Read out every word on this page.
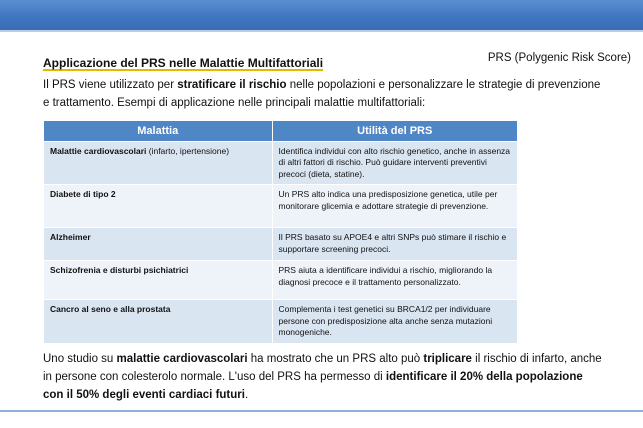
PRS (Polygenic Risk Score)
Applicazione del PRS nelle Malattie Multifattoriali

Il PRS viene utilizzato per stratificare il rischio nelle popolazioni e personalizzare le strategie di prevenzione e trattamento. Esempi di applicazione nelle principali malattie multifattoriali:

Malattia	Utilità del PRS
Malattie cardiovascolari (infarto, ipertensione)	Identifica individui con alto rischio genetico, anche in assenza di altri fattori di rischio. Può guidare interventi preventivi precoci (dieta, statine).
Diabete di tipo 2	Un PRS alto indica una predisposizione genetica, utile per monitorare glicemia e adottare strategie di prevenzione.
Alzheimer	Il PRS basato su APOE4 e altri SNPs può stimare il rischio e supportare screening precoci.
Schizofrenia e disturbi psichiatrici	PRS aiuta a identificare individui a rischio, migliorando la diagnosi precoce e il trattamento personalizzato.
Cancro al seno e alla prostata	Complementa i test genetici su BRCA1/2 per individuare persone con predisposizione alta anche senza mutazioni monogeniche.

Uno studio su malattie cardiovascolari ha mostrato che un PRS alto può triplicare il rischio di infarto, anche in persone con colesterolo normale. L'uso del PRS ha permesso di identificare il 20% della popolazione con il 50% degli eventi cardiaci futuri.
